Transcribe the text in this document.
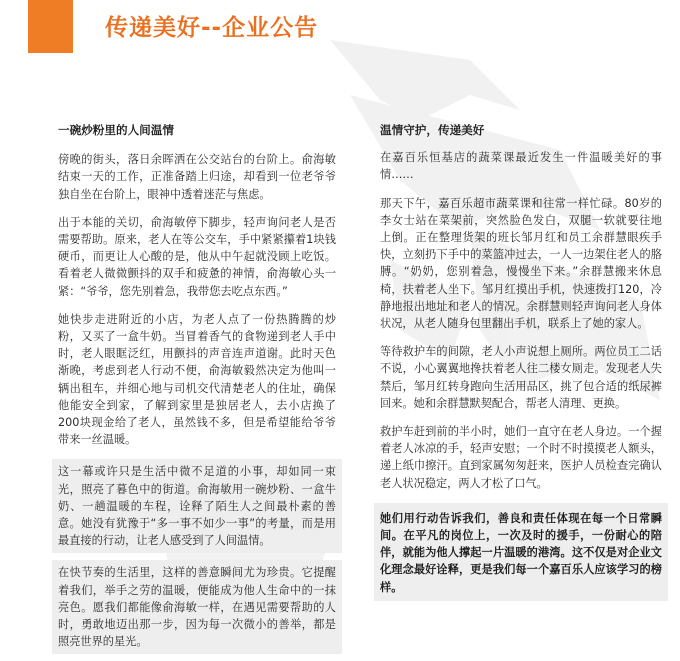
传递美好--企业公告
一碗炒粉里的人间温情

傍晚的街头，落日余晖洒在公交站台的台阶上。俞海敏结束一天的工作，正准备踏上归途，却看到一位老爷爷独自坐在台阶上，眼神中透着迷茫与焦虑。

出于本能的关切，俞海敏停下脚步，轻声询问老人是否需要帮助。原来，老人在等公交车，手中紧紧攥着1块钱硬币，而更让人心酸的是，他从中午起就没顾上吃饭。看着老人微微颤抖的双手和疲惫的神情，俞海敏心头一紧：“爷爷，您先别着急，我带您去吃点东西。”

她快步走进附近的小店，为老人点了一份热腾腾的炒粉，又买了一盒牛奶。当冒着香气的食物递到老人手中时，老人眼眶泛红，用颤抖的声音连声道谢。此时天色渐晚，考虑到老人行动不便，俞海敏毅然决定为他叫一辆出租车，并细心地与司机交代清楚老人的住址，确保他能安全到家，了解到家里是独居老人，去小店换了200块现金给了老人，虽然钱不多，但是希望能给爷爷带来一丝温暖。

这一幕或许只是生活中微不足道的小事，却如同一束光，照亮了暮色中的街道。俞海敏用一碗炒粉、一盒牛奶、一趟温暖的车程，诠释了陌生人之间最朴素的善意。她没有犹豫于“多一事不如少一事”的考量，而是用最直接的行动，让老人感受到了人间温情。

在快节奏的生活里，这样的善意瞬间尤为珍贵。它提醒着我们，举手之劳的温暖，便能成为他人生命中的一抹亮色。愿我们都能像俞海敏一样，在遇见需要帮助的人时，勇敢地迈出那一步，因为每一次微小的善举，都是照亮世界的星光。

温情守护，传递美好

在嘉百乐恒基店的蔬菜课最近发生一件温暖美好的事情……

那天下午，嘉百乐超市蔬菜课和往常一样忙碌。80岁的李女士站在菜架前，突然脸色发白，双腿一软就要往地 上倒。正在整理货架的班长邹月红和员工余群慧眼疾手快，立刻扔下手中的菜篮冲过去，一人一边架住老人的胳膊。“奶奶，您别着急，慢慢坐下来。”余群慧搬来休息椅，扶着老人坐下。邹月红摸出手机，快速拨打120，冷静地报出地址和老人的情况。余群慧则轻声询问老人身体状况，从老人随身包里翻出手机，联系上了她的家人。

等待救护车的间隙，老人小声说想上厕所。两位员工二话不说，小心翼翼地搀扶着老人往二楼女厕走。发现老人失禁后，邹月红转身跑向生活用品区，挑了包合适的纸尿裤回来。她和余群慧默契配合，帮老人清理、更换。

救护车赶到前的半小时，她们一直守在老人身边。一个握着老人冰凉的手，轻声安慰；一个时不时摸摸老人额头，递上纸巾擦汗。直到家属匆匆赶来，医护人员检查完确认老人状况稳定，两人才松了口气。

她们用行动告诉我们，善良和责任体现在每一个日常瞬间。在平凡的岗位上，一次及时的援手，一份耐心的陪伴，就能为他人撑起一片温暖的港湾。这不仅是对企业文化理念最好诠释，更是我们每一个嘉百乐人应该学习的榜样。
